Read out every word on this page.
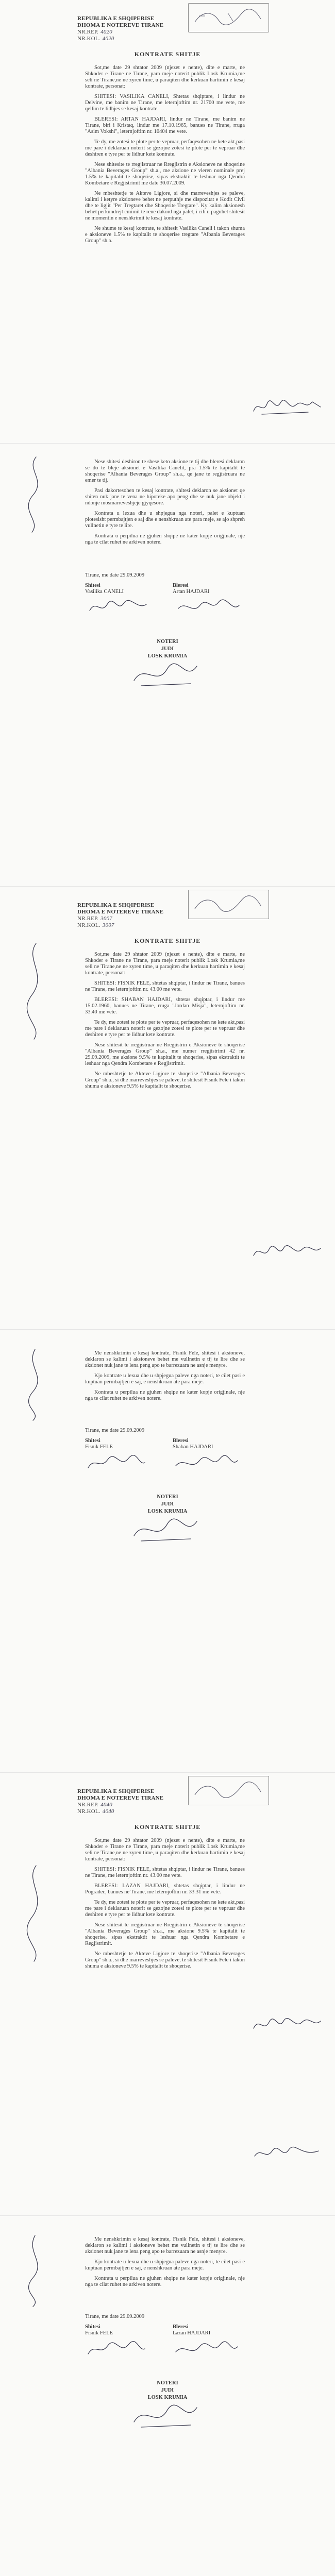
REPUBLIKA E SHQIPERISE
DHOMA E NOTEREVE TIRANE
NR.REP. 4020
NR.KOL. 4020
KONTRATE SHITJE

Sot,me date 29 shtator 2009 (njezet e nente), dite e marte, ne Shkoder e Tirane ne Tirane, para meje noterit publik Losk Krumia,me seli ne Tirane,ne ne zyren time, u paraqiten dhe kerkuan hartimin e kesaj kontrate, personat:

SHITESI: VASILIKA CANELI, Shtetas shqiptare, i lindur ne Delvine, me banim ne Tirane, me leternjoftim nr. 21700 me vete, me qellim te lidhjes se kesaj kontrate.

BLERESI: ARTAN HAJDARI, lindur ne Tirane, me banim ne Tirane, biri i Kristaq, lindur me 17.10.1965, banues ne Tirane, rruga "Asim Vokshi", leternjoftim nr. 10404 me vete.

Te dy, me zotesi te plote per te vepruar, perfaqesohen ne kete akt,pasi me pare i deklaruan noterit se gezojne zotesi te plote per te vepruar dhe deshiren e tyre per te lidhur kete kontrate.

Nese shitesite te rregjistruar ne Rregjistrin e Aksioneve ne shoqerine "Albania Beverages Group" sh.a., me aksione ne vleren nominale prej 1.5% te kapitalit te shoqerise, sipas ekstraktit te leshuar nga Qendra Kombetare e Regjistrimit me date 30.07.2009.

Ne mbeshtetje te Akteve Ligjore, si dhe marreveshjes se paleve, kalimi i ketyre aksioneve behet ne perputhje me dispozitat e Kodit Civil dhe te ligjit "Per Tregtaret dhe Shoqerite Tregtare". Ky kalim aksionesh behet perkundrejt cmimit te rene dakord nga palet, i cili u paguhet shitesit ne momentin e nenshkrimit te kesaj kontrate.

Ne shume te kesaj kontrate, te shitesit Vasilika Caneli i takon shuma e aksioneve 1.5% te kapitalit te shoqerise tregtare "Albania Beverages Group" sh.a.

Nese shitesi deshiron te shese keto aksione te tij dhe bleresi deklaron se do te bleje aksionet e Vasilika Canelit, pra 1.5% te kapitalit te shoqerise "Albania Beverages Group" sh.a., qe jane te regjistruara ne emer te tij.

Pasi dakortesohen te kesaj kontrate, shitesi deklaron se aksionet qe shiten nuk jane te vena ne hipoteke apo peng dhe se nuk jane objekt i ndonje mosmarreveshjeje gjyqesore.

Kontrata u lexua dhe u shpjegua nga noteri, palet e kuptuan plotesisht permbajtjen e saj dhe e nenshkruan ate para meje, se ajo shpreh vullnetin e tyre te lire.

Kontrata u perpilua ne gjuhen shqipe ne kater kopje origjinale, nje nga te cilat ruhet ne arkiven notere.

Tirane, me date 29.09.2009
Shitesi
Vasilika CANELI
Bleresi
Artan HAJDARI
NOTERI
JUDI
LOSK KRUMIA
REPUBLIKA E SHQIPERISE
DHOMA E NOTEREVE TIRANE
NR.REP. 3007
NR.KOL. 3007
KONTRATE SHITJE

Sot,me date 29 shtator 2009 (njezet e nente), dite e marte, ne Shkoder e Tirane ne Tirane, para meje noterit publik Losk Krumia,me seli ne Tirane,ne ne zyren time, u paraqiten dhe kerkuan hartimin e kesaj kontrate, personat:

SHITESI: FISNIK FELE, shtetas shqiptar, i lindur ne Tirane, banues ne Tirane, me leternjoftim nr. 43.00 me vete.

BLERESI: SHABAN HAJDARI, shtetas shqiptar, i lindur me 15.02.1960, banues ne Tirane, rruga "Jordan Misja", leternjoftim nr. 33.40 me vete.

Te dy, me zotesi te plote per te vepruar, perfaqesohen ne kete akt,pasi me pare i deklaruan noterit se gezojne zotesi te plote per te vepruar dhe deshiren e tyre per te lidhur kete kontrate.

Nese shitesit te rregjistruar ne Rregjistrin e Aksioneve te shoqerise "Albania Beverages Group" sh.a., me numer rregjistrimi 42 nr. 29.09.2009, me aksione 9.5% te kapitalit te shoqerise, sipas ekstraktit te leshuar nga Qendra Kombetare e Regjistrimit.

Ne mbeshtetje te Akteve Ligjore te shoqerise "Albania Beverages Group" sh.a., si dhe marreveshjes se paleve, te shitesit Fisnik Fele i takon shuma e aksioneve 9.5% te kapitalit te shoqerise.

Me nenshkrimin e kesaj kontrate, Fisnik Fele, shitesi i aksioneve, deklaron se kalimi i aksioneve behet me vullnetin e tij te lire dhe se aksionet nuk jane te lena peng apo te barrezuara ne asnje menyre.

Kjo kontrate u lexua dhe u shpjegua paleve nga noteri, te cilet pasi e kuptuan permbajtjen e saj, e nenshkruan ate para meje.

Kontrata u perpilua ne gjuhen shqipe ne kater kopje origjinale, nje nga te cilat ruhet ne arkiven notere.

Tirane, me date 29.09.2009
Shitesi
Fisnik FELE
Bleresi
Shaban HAJDARI
NOTERI
JUDI
LOSK KRUMIA
REPUBLIKA E SHQIPERISE
DHOMA E NOTEREVE TIRANE
NR.REP. 4040
NR.KOL. 4040
KONTRATE SHITJE

Sot,me date 29 shtator 2009 (njezet e nente), dite e marte, ne Shkoder e Tirane ne Tirane, para meje noterit publik Losk Krumia,me seli ne Tirane,ne ne zyren time, u paraqiten dhe kerkuan hartimin e kesaj kontrate, personat:

SHITESI: FISNIK FELE, shtetas shqiptar, i lindur ne Tirane, banues ne Tirane, me leternjoftim nr. 43.00 me vete.

BLERESI: LAZAN HAJDARI, shtetas shqiptar, i lindur ne Pogradec, banues ne Tirane, me leternjoftim nr. 33.31 me vete.

Te dy, me zotesi te plote per te vepruar, perfaqesohen ne kete akt,pasi me pare i deklaruan noterit se gezojne zotesi te plote per te vepruar dhe deshiren e tyre per te lidhur kete kontrate.

Nese shitesit te rregjistruar ne Rregjistrin e Aksioneve te shoqerise "Albania Beverages Group" sh.a., me aksione 9.5% te kapitalit te shoqerise, sipas ekstraktit te leshuar nga Qendra Kombetare e Regjistrimit.

Ne mbeshtetje te Akteve Ligjore te shoqerise "Albania Beverages Group" sh.a., si dhe marreveshjes se paleve, te shitesit Fisnik Fele i takon shuma e aksioneve 9.5% te kapitalit te shoqerise.

Me nenshkrimin e kesaj kontrate, Fisnik Fele, shitesi i aksioneve, deklaron se kalimi i aksioneve behet me vullnetin e tij te lire dhe se aksionet nuk jane te lena peng apo te barrezuara ne asnje menyre.

Kjo kontrate u lexua dhe u shpjegua paleve nga noteri, te cilet pasi e kuptuan permbajtjen e saj, e nenshkruan ate para meje.

Kontrata u perpilua ne gjuhen shqipe ne kater kopje origjinale, nje nga te cilat ruhet ne arkiven notere.

Tirane, me date 29.09.2009
Shitesi
Fisnik FELE
Bleresi
Lazan HAJDARI
NOTERI
JUDI
LOSK KRUMIA
